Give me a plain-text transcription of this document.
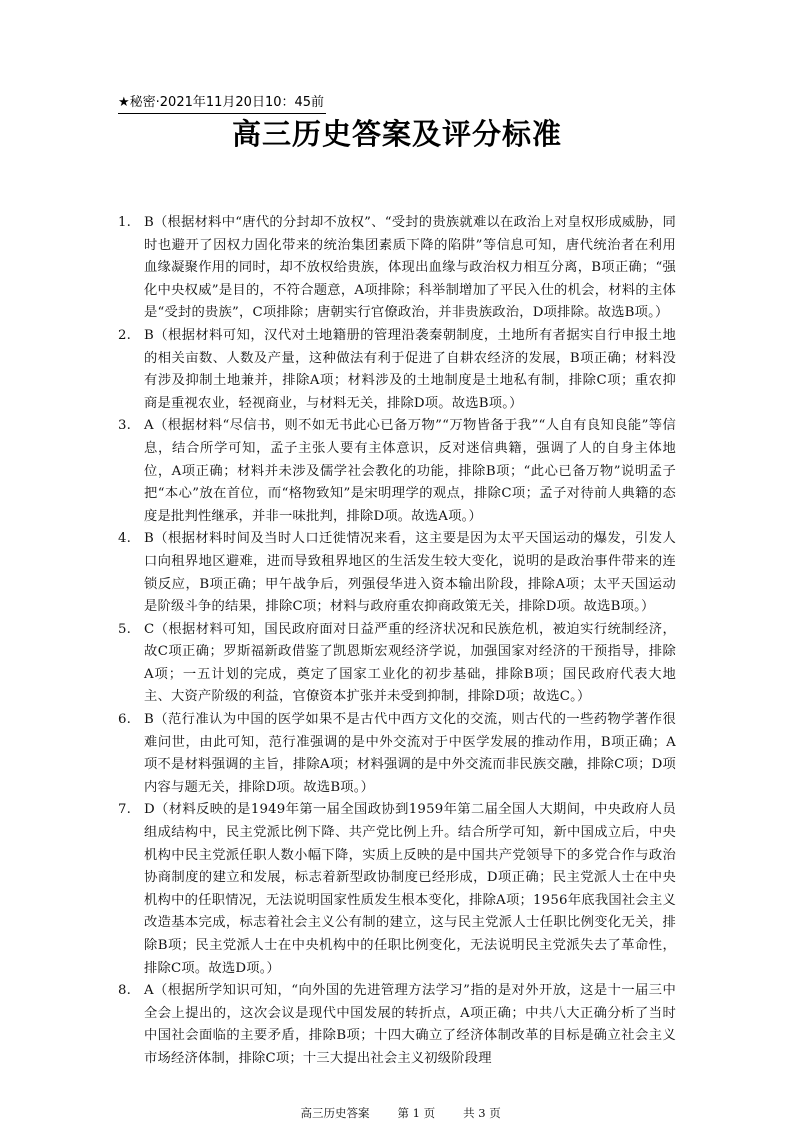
★秘密·2021年11月20日10：45前
高三历史答案及评分标准
1. B（根据材料中“唐代的分封却不放权”、“受封的贵族就难以在政治上对皇权形成威胁，同时也避开了因权力固化带来的统治集团素质下降的陷阱”等信息可知，唐代统治者在利用血缘凝聚作用的同时，却不放权给贵族，体现出血缘与政治权力相互分离，B项正确；“强化中央权威”是目的，不符合题意，A项排除；科举制增加了平民入仕的机会，材料的主体是“受封的贵族”，C项排除；唐朝实行官僚政治，并非贵族政治，D项排除。故选B项。）
2. B（根据材料可知，汉代对土地籍册的管理沿袭秦朝制度，土地所有者据实自行申报土地的相关亩数、人数及产量，这种做法有利于促进了自耕农经济的发展，B项正确；材料没有涉及抑制土地兼并，排除A项；材料涉及的土地制度是土地私有制，排除C项；重农抑商是重视农业，轻视商业，与材料无关，排除D项。故选B项。）
3. A（根据材料“尽信书，则不如无书此心已备万物”“万物皆备于我”“人自有良知良能”等信息，结合所学可知，孟子主张人要有主体意识，反对迷信典籍，强调了人的自身主体地位，A项正确；材料并未涉及儒学社会教化的功能，排除B项；“此心已备万物”说明孟子把“本心”放在首位，而“格物致知”是宋明理学的观点，排除C项；孟子对待前人典籍的态度是批判性继承，并非一味批判，排除D项。故选A项。）
4. B（根据材料时间及当时人口迁徙情况来看，这主要是因为太平天国运动的爆发，引发人口向租界地区避难，进而导致租界地区的生活发生较大变化，说明的是政治事件带来的连锁反应，B项正确；甲午战争后，列强侵华进入资本输出阶段，排除A项；太平天国运动是阶级斗争的结果，排除C项；材料与政府重农抑商政策无关，排除D项。故选B项。）
5. C（根据材料可知，国民政府面对日益严重的经济状况和民族危机，被迫实行统制经济，故C项正确；罗斯福新政借鉴了凯恩斯宏观经济学说，加强国家对经济的干预指导，排除A项；一五计划的完成，奠定了国家工业化的初步基础，排除B项；国民政府代表大地主、大资产阶级的利益，官僚资本扩张并未受到抑制，排除D项；故选C。）
6. B（范行准认为中国的医学如果不是古代中西方文化的交流，则古代的一些药物学著作很难问世，由此可知，范行准强调的是中外交流对于中医学发展的推动作用，B项正确；A项不是材料强调的主旨，排除A项；材料强调的是中外交流而非民族交融，排除C项；D项内容与题无关，排除D项。故选B项。）
7. D（材料反映的是1949年第一届全国政协到1959年第二届全国人大期间，中央政府人员组成结构中，民主党派比例下降、共产党比例上升。结合所学可知，新中国成立后，中央机构中民主党派任职人数小幅下降，实质上反映的是中国共产党领导下的多党合作与政治协商制度的建立和发展，标志着新型政协制度已经形成，D项正确；民主党派人士在中央机构中的任职情况，无法说明国家性质发生根本变化，排除A项；1956年底我国社会主义改造基本完成，标志着社会主义公有制的建立，这与民主党派人士任职比例变化无关，排除B项；民主党派人士在中央机构中的任职比例变化，无法说明民主党派失去了革命性，排除C项。故选D项。）
8. A（根据所学知识可知，“向外国的先进管理方法学习”指的是对外开放，这是十一届三中全会上提出的，这次会议是现代中国发展的转折点，A项正确；中共八大正确分析了当时中国社会面临的主要矛盾，排除B项；十四大确立了经济体制改革的目标是确立社会主义市场经济体制，排除C项；十三大提出社会主义初级阶段理

高三历史答案 第 1 页 共 3 页
